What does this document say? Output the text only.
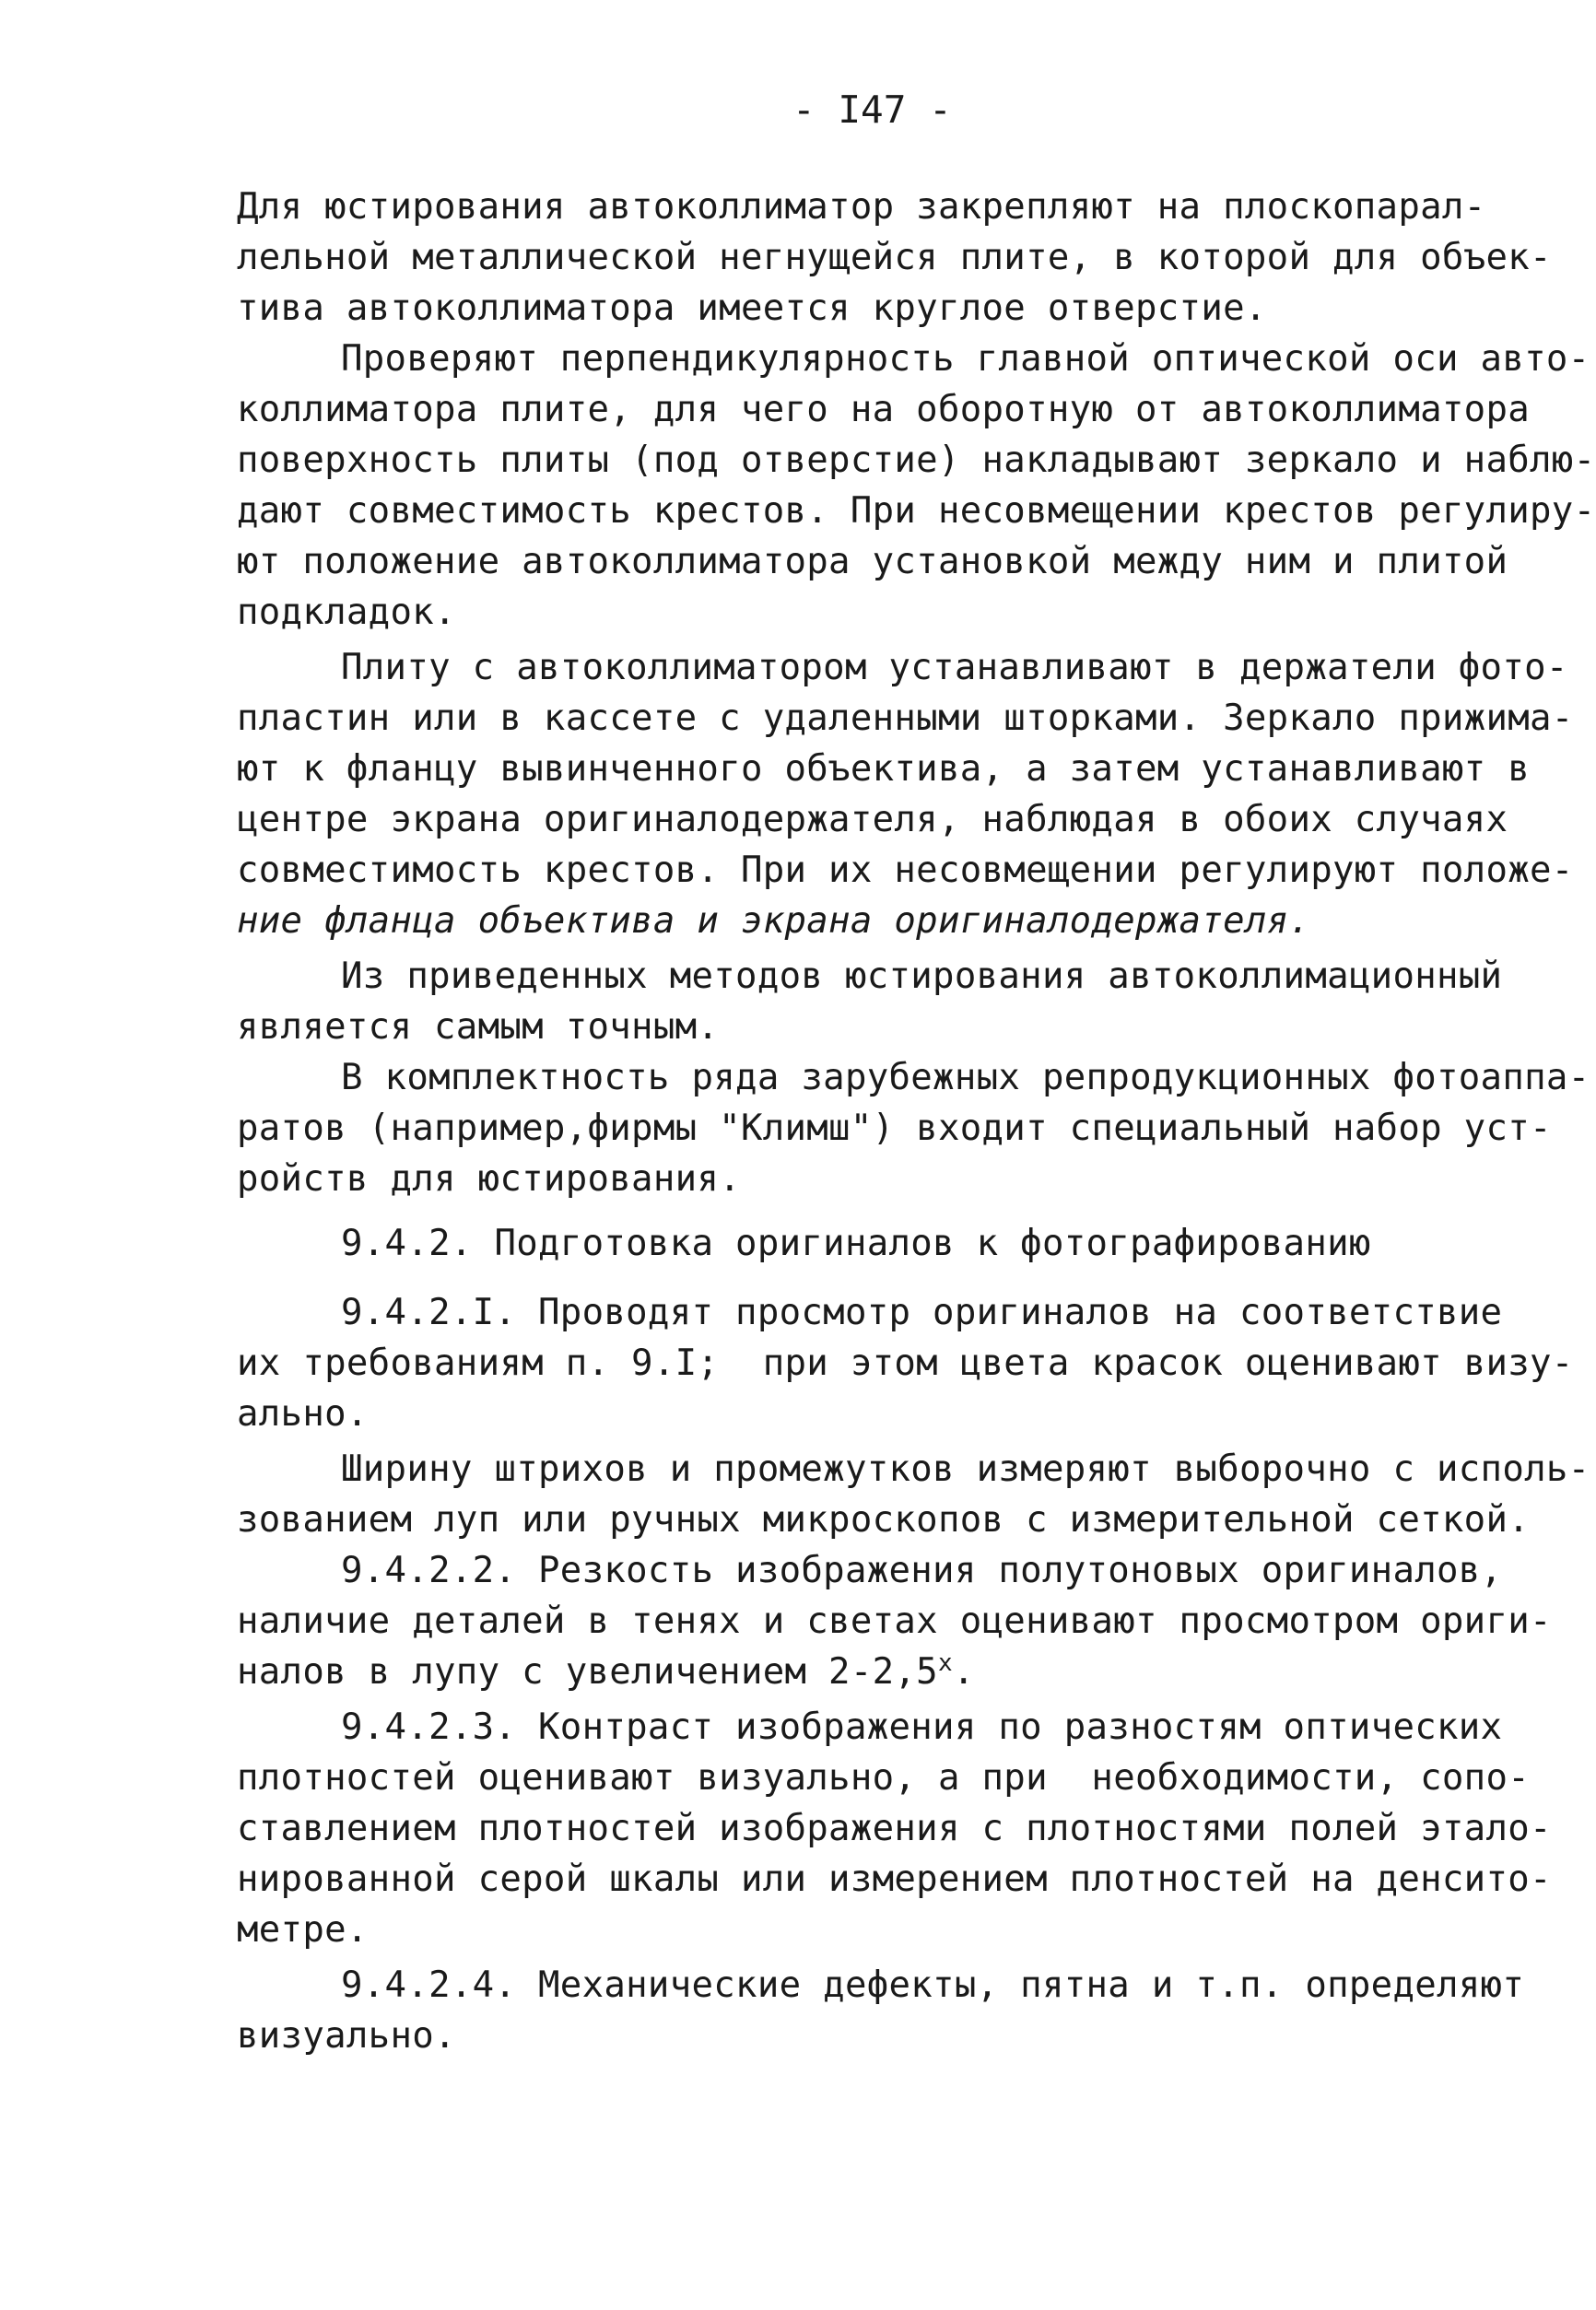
- I47 -
Для юстирования автоколлиматор закрепляют на плоскопарал-
лельной металлической негнущейся плите, в которой для объек-
тива автоколлиматора имеется круглое отверстие.
Проверяют перпендикулярность главной оптической оси авто-
коллиматора плите, для чего на оборотную от автоколлиматора
поверхность плиты (под отверстие) накладывают зеркало и наблю-
дают совместимость крестов. При несовмещении крестов регулиру-
ют положение автоколлиматора установкой между ним и плитой
подкладок.
Плиту с автоколлиматором устанавливают в держатели фото-
пластин или в кассете с удаленными шторками. Зеркало прижима-
ют к фланцу вывинченного объектива, а затем устанавливают в
центре экрана оригиналодержателя, наблюдая в обоих случаях
совместимость крестов. При их несовмещении регулируют положе-
ние фланца объектива и экрана оригиналодержателя.
Из приведенных методов юстирования автоколлимационный
является самым точным.
В комплектность ряда зарубежных репродукционных фотоаппа-
ратов (например,фирмы "Климш") входит специальный набор уст-
ройств для юстирования.
9.4.2. Подготовка оригиналов к фотографированию
9.4.2.I. Проводят просмотр оригиналов на соответствие
их требованиям п. 9.I;  при этом цвета красок оценивают визу-
ально.
Ширину штрихов и промежутков измеряют выборочно с исполь-
зованием луп или ручных микроскопов с измерительной сеткой.
9.4.2.2. Резкость изображения полутоновых оригиналов,
наличие деталей в тенях и светах оценивают просмотром ориги-
налов в лупу с увеличением $2-2,5^х$.
9.4.2.3. Контраст изображения по разностям оптических
плотностей оценивают визуально, а при  необходимости, сопо-
ставлением плотностей изображения с плотностями полей эталo-
нированной серой шкалы или измерением плотностей на денсито-
метре.
9.4.2.4. Механические дефекты, пятна и т.п. определяют
визуально.
